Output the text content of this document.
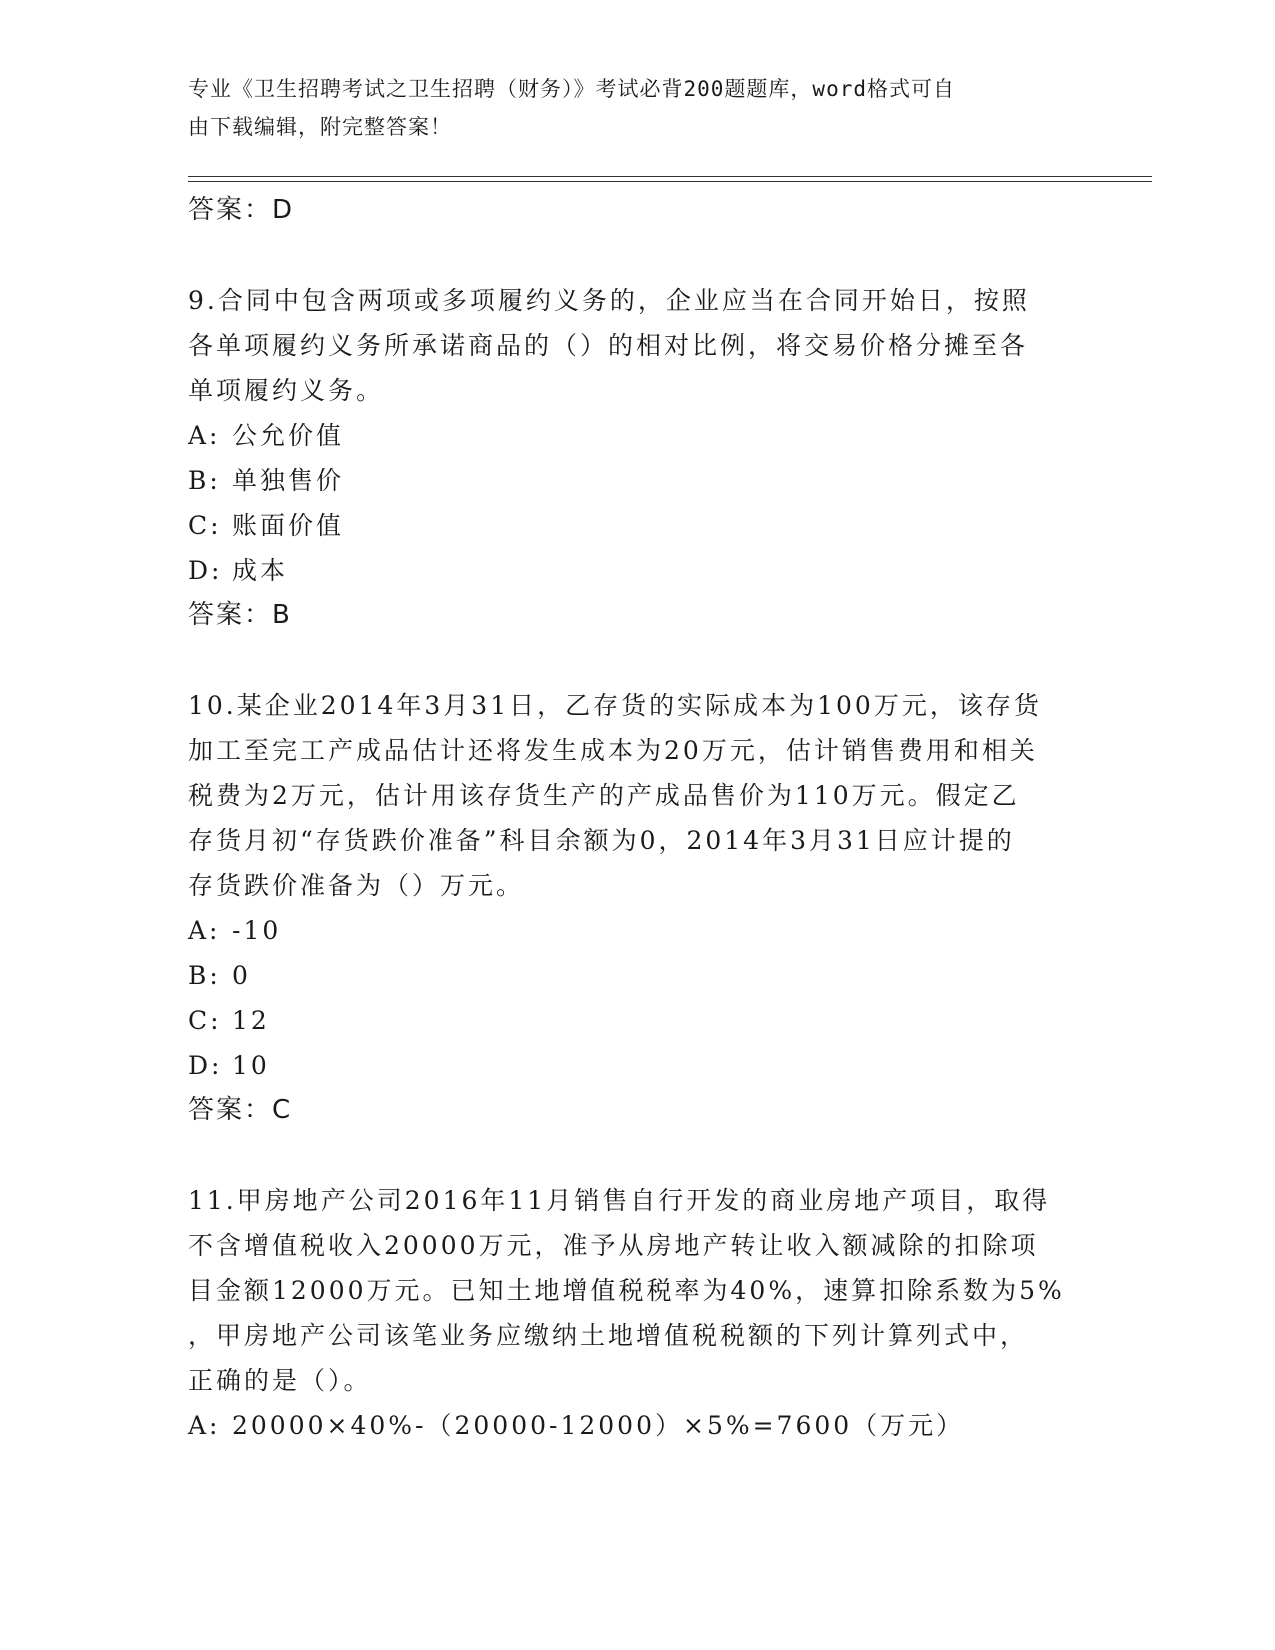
专业《卫生招聘考试之卫生招聘（财务）》考试必背200题题库，word格式可自
由下载编辑，附完整答案！
答案：D
9.合同中包含两项或多项履约义务的，企业应当在合同开始日，按照
各单项履约义务所承诺商品的（）的相对比例，将交易价格分摊至各
单项履约义务。
A: 公允价值
B: 单独售价
C: 账面价值
D: 成本
答案：B
10.某企业2014年3月31日，乙存货的实际成本为100万元，该存货
加工至完工产成品估计还将发生成本为20万元，估计销售费用和相关
税费为2万元，估计用该存货生产的产成品售价为110万元。假定乙
存货月初“存货跌价准备”科目余额为0，2014年3月31日应计提的
存货跌价准备为（）万元。
A: -10
B: 0
C: 12
D: 10
答案：C
11.甲房地产公司2016年11月销售自行开发的商业房地产项目，取得
不含增值税收入20000万元，准予从房地产转让收入额减除的扣除项
目金额12000万元。已知土地增值税税率为40%，速算扣除系数为5%
，甲房地产公司该笔业务应缴纳土地增值税税额的下列计算列式中，
正确的是（）。
A: 20000×40%-（20000-12000）×5%=7600（万元）
